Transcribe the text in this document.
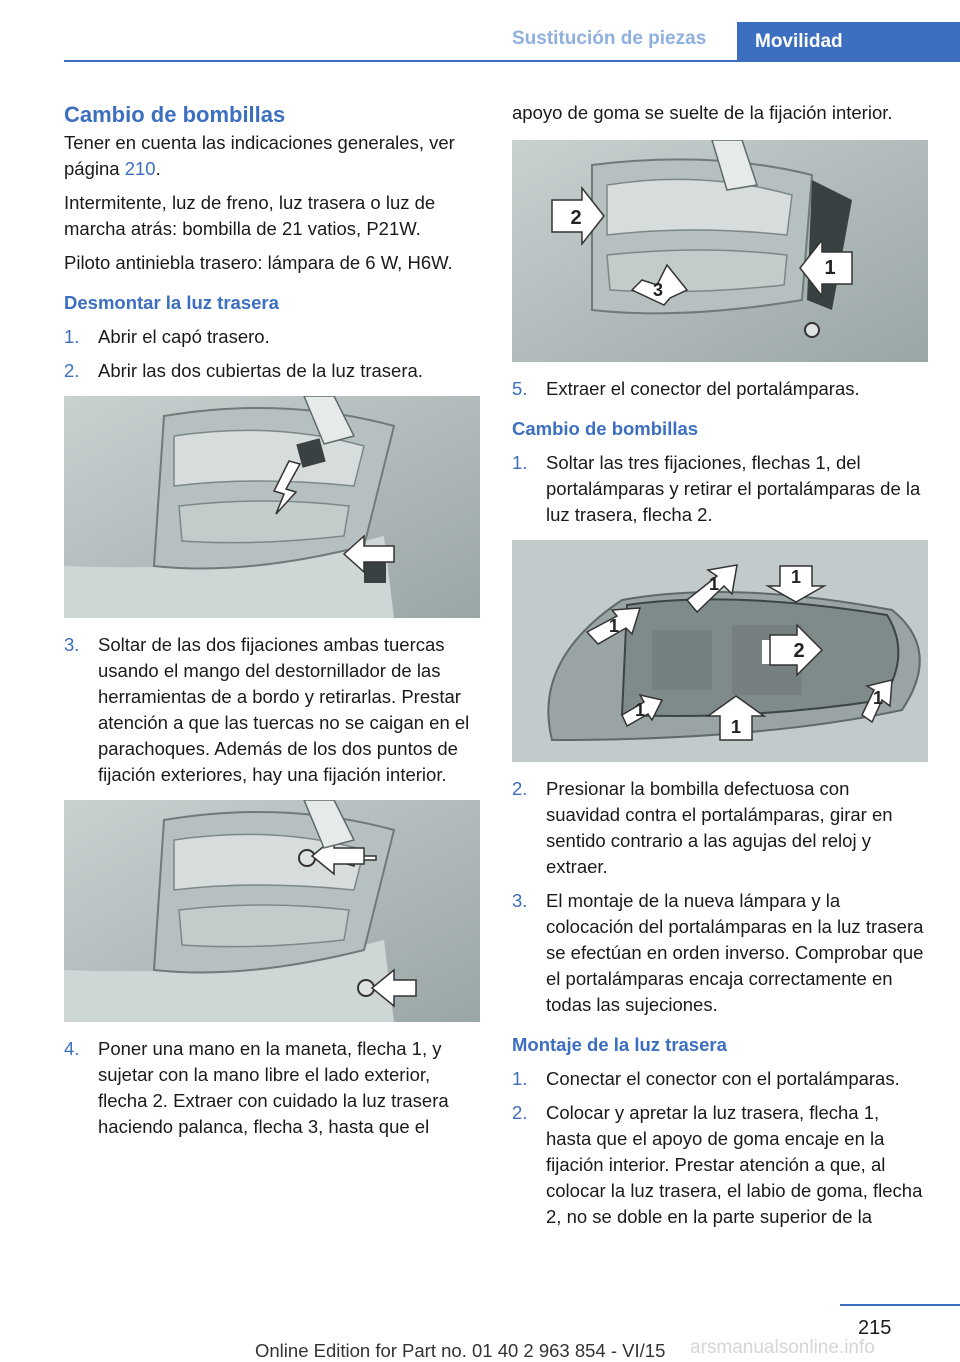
Sustitución de piezas	Movilidad
Cambio de bombillas

Tener en cuenta las indicaciones generales, ver página 210.

Intermitente, luz de freno, luz trasera o luz de marcha atrás: bombilla de 21 vatios, P21W.

Piloto antiniebla trasero: lámpara de 6 W, H6W.

Desmontar la luz trasera
1. Abrir el capó trasero.
2. Abrir las dos cubiertas de la luz trasera.
3. Soltar de las dos fijaciones ambas tuercas usando el mango del destornillador de las herramientas de a bordo y retirarlas. Prestar atención a que las tuercas no se caigan en el parachoques. Además de los dos puntos de fijación exteriores, hay una fijación interior.
4. Poner una mano en la maneta, flecha 1, y sujetar con la mano libre el lado exterior, flecha 2. Extraer con cuidado la luz trasera haciendo palanca, flecha 3, hasta que el

apoyo de goma se suelte de la fijación interior.

2
1
3
5. Extraer el conector del portalámparas.
Cambio de bombillas
1. Soltar las tres fijaciones, flechas 1, del portalámparas y retirar el portalámparas de la luz trasera, flecha 2.
1	1
1
2
1
1
1
2. Presionar la bombilla defectuosa con suavidad contra el portalámparas, girar en sentido contrario a las agujas del reloj y extraer.
3. El montaje de la nueva lámpara y la colocación del portalámparas en la luz trasera se efectúan en orden inverso. Comprobar que el portalámparas encaja correctamente en todas las sujeciones.
Montaje de la luz trasera
1. Conectar el conector con el portalámparas.
2. Colocar y apretar la luz trasera, flecha 1, hasta que el apoyo de goma encaje en la fijación interior. Prestar atención a que, al colocar la luz trasera, el labio de goma, flecha 2, no se doble en la parte superior de la
215
Online Edition for Part no. 01 40 2 963 854 - VI/15 arsmanualsonline.info
